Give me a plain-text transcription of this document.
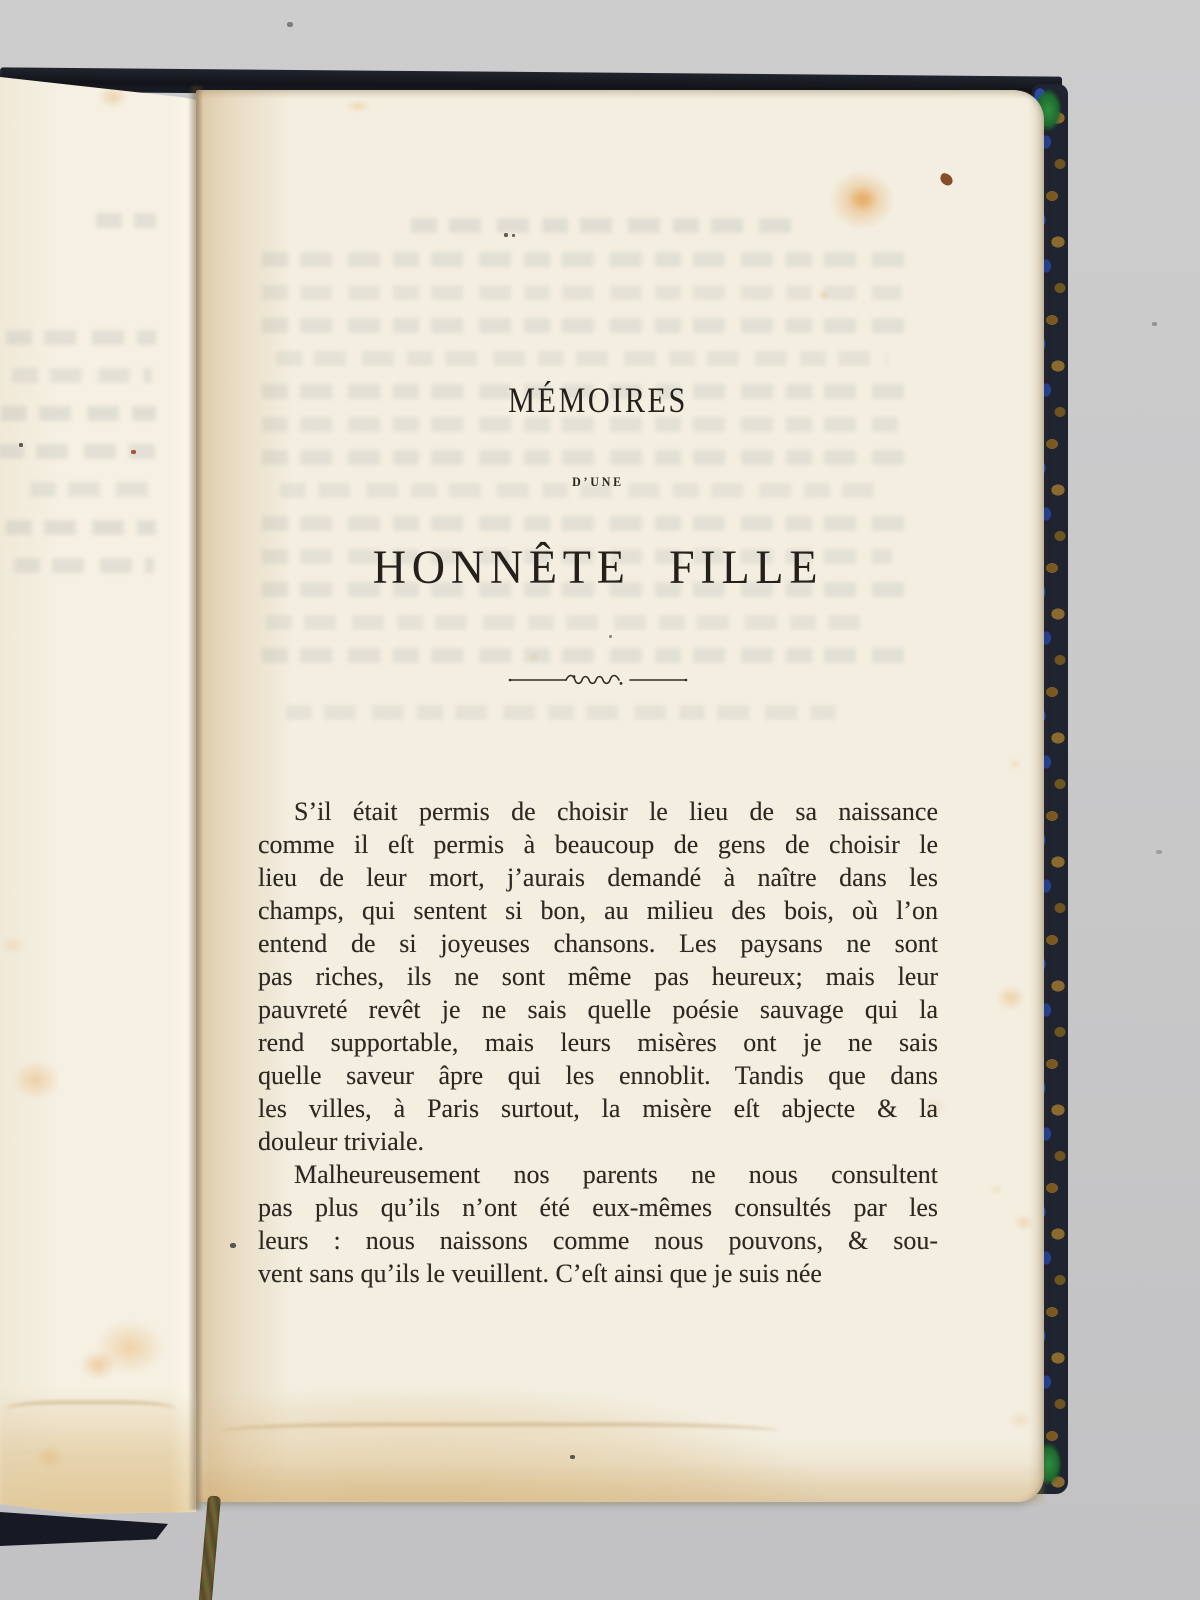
MÉMOIRES
D’UNE
HONNÊTE FILLE
S’il était permis de choisir le lieu de sa naissance
comme il eſt permis à beaucoup de gens de choisir le
lieu de leur mort, j’aurais demandé à naître dans les
champs, qui sentent si bon, au milieu des bois, où l’on
entend de si joyeuses chansons. Les paysans ne sont
pas riches, ils ne sont même pas heureux; mais leur
pauvreté revêt je ne sais quelle poésie sauvage qui la
rend supportable, mais leurs misères ont je ne sais
quelle saveur âpre qui les ennoblit. Tandis que dans
les villes, à Paris surtout, la misère eſt abjecte & la
douleur triviale.
Malheureusement nos parents ne nous consultent
pas plus qu’ils n’ont été eux-mêmes consultés par les
leurs : nous naissons comme nous pouvons, & sou-
vent sans qu’ils le veuillent. C’eſt ainsi que je suis née
